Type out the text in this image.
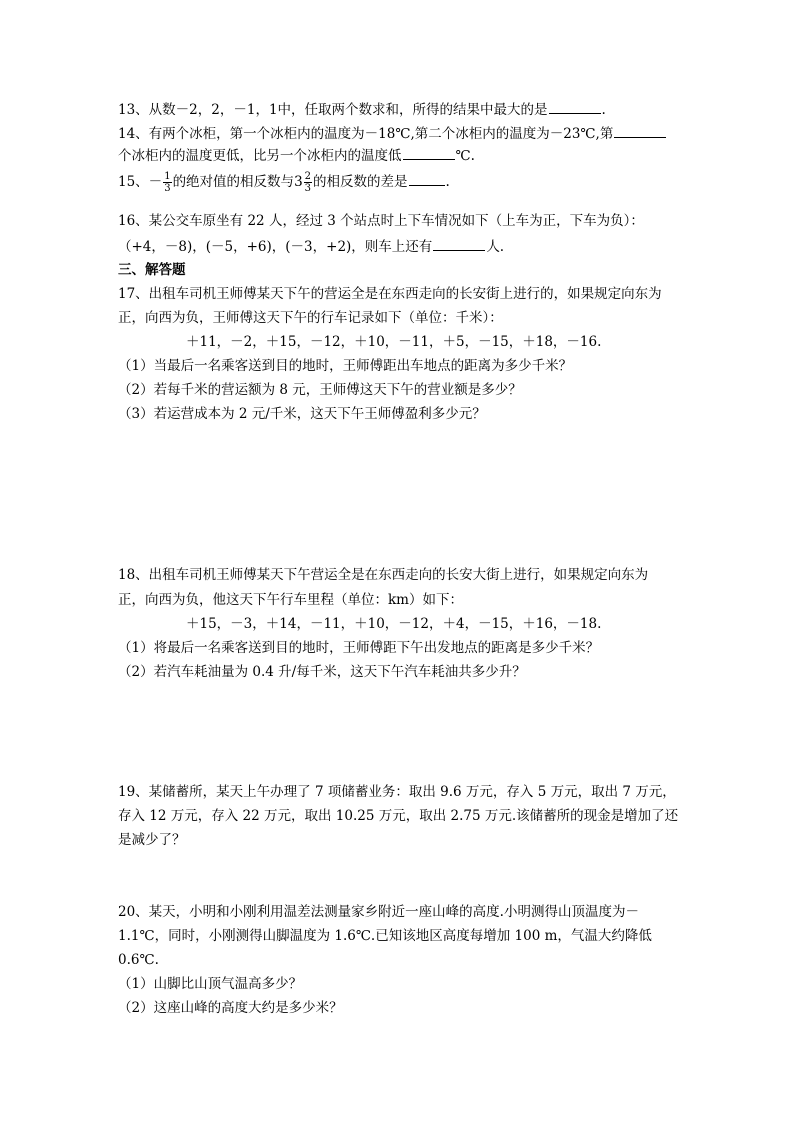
13、从数－2，2，－1，1中，任取两个数求和，所得的结果中最大的是	.
14、有两个冰柜，第一个冰柜内的温度为－18℃,第二个冰柜内的温度为－23℃,第
个冰柜内的温度更低，比另一个冰柜内的温度低	℃.
15、－ $\frac{1}{3}$ 的绝对值的相反数与$3 \frac{2}{3}$ 的相反数的差是	.
16、某公交车原坐有 22 人，经过 3 个站点时上下车情况如下（上车为正，下车为负）：
（+4，－8)，(－5，+6)，(－3，+2)，则车上还有	人.
三、解答题
17、出租车司机王师傅某天下午的营运全是在东西走向的长安街上进行的，如果规定向东为
正，向西为负，王师傅这天下午的行车记录如下（单位：千米）：
＋11，－2，＋15，－12，＋10，－11，＋5，－15，＋18，－16.
（1）当最后一名乘客送到目的地时，王师傅距出车地点的距离为多少千米？
（2）若每千米的营运额为 8 元，王师傅这天下午的营业额是多少？
（3）若运营成本为 2 元/千米，这天下午王师傅盈利多少元？
18、出租车司机王师傅某天下午营运全是在东西走向的长安大街上进行，如果规定向东为
正，向西为负，他这天下午行车里程（单位：km）如下：
＋15，－3，＋14，－11，＋10，－12，＋4，－15，＋16，－18.
（1）将最后一名乘客送到目的地时，王师傅距下午出发地点的距离是多少千米？
（2）若汽车耗油量为 0.4 升/每千米，这天下午汽车耗油共多少升？
19、某储蓄所，某天上午办理了 7 项储蓄业务：取出 9.6 万元，存入 5 万元，取出 7 万元，
存入 12 万元，存入 22 万元，取出 10.25 万元，取出 2.75 万元.该储蓄所的现金是增加了还
是减少了？
20、某天，小明和小刚利用温差法测量家乡附近一座山峰的高度.小明测得山顶温度为－
1.1℃，同时，小刚测得山脚温度为 1.6℃.已知该地区高度每增加 100 m，气温大约降低
0.6℃.
（1）山脚比山顶气温高多少？
（2）这座山峰的高度大约是多少米？
